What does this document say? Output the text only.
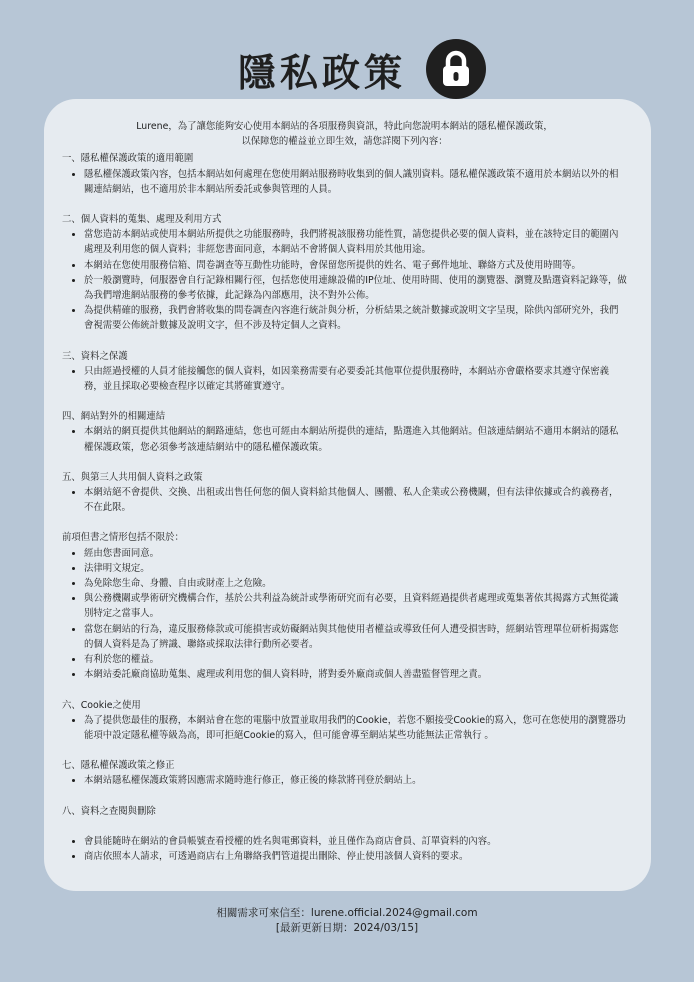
隱私政策

Lurene，為了讓您能夠安心使用本網站的各項服務與資訊，特此向您說明本網站的隱私權保護政策，

以保障您的權益並立即生效，請您詳閱下列內容：

一、隱私權保護政策的適用範圍

• 隱私權保護政策內容，包括本網站如何處理在您使用網站服務時收集到的個人識別資料。隱私權保護政策不適用於本網站以外的相關連結網站，也不適用於非本網站所委託或參與管理的人員。

二、個人資料的蒐集、處理及利用方式

• 當您造訪本網站或使用本網站所提供之功能服務時，我們將視該服務功能性質，請您提供必要的個人資料，並在該特定目的範圍內處理及利用您的個人資料；非經您書面同意，本網站不會將個人資料用於其他用途。
• 本網站在您使用服務信箱、問卷調查等互動性功能時，會保留您所提供的姓名、電子郵件地址、聯絡方式及使用時間等。
• 於一般瀏覽時，伺服器會自行記錄相關行徑，包括您使用連線設備的IP位址、使用時間、使用的瀏覽器、瀏覽及點選資料記錄等，做為我們增進網站服務的參考依據，此記錄為內部應用，決不對外公佈。
• 為提供精確的服務，我們會將收集的問卷調查內容進行統計與分析，分析結果之統計數據或說明文字呈現，除供內部研究外，我們會視需要公佈統計數據及說明文字，但不涉及特定個人之資料。

三、資料之保護

• 只由經過授權的人員才能接觸您的個人資料，如因業務需要有必要委託其他單位提供服務時，本網站亦會嚴格要求其遵守保密義務，並且採取必要檢查程序以確定其將確實遵守。

四、網站對外的相關連結

• 本網站的網頁提供其他網站的網路連結，您也可經由本網站所提供的連結，點選進入其他網站。但該連結網站不適用本網站的隱私權保護政策，您必須參考該連結網站中的隱私權保護政策。

五、與第三人共用個人資料之政策

• 本網站絕不會提供、交換、出租或出售任何您的個人資料給其他個人、團體、私人企業或公務機關，但有法律依據或合約義務者，不在此限。

前項但書之情形包括不限於：

• 經由您書面同意。
• 法律明文規定。
• 為免除您生命、身體、自由或財產上之危險。
• 與公務機關或學術研究機構合作，基於公共利益為統計或學術研究而有必要，且資料經過提供者處理或蒐集著依其揭露方式無從識別特定之當事人。
• 當您在網站的行為，違反服務條款或可能損害或妨礙網站與其他使用者權益或導致任何人遭受損害時，經網站管理單位研析揭露您的個人資料是為了辨識、聯絡或採取法律行動所必要者。
• 有利於您的權益。
• 本網站委託廠商協助蒐集、處理或利用您的個人資料時，將對委外廠商或個人善盡監督管理之責。

六、Cookie之使用

• 為了提供您最佳的服務，本網站會在您的電腦中放置並取用我們的Cookie，若您不願接受Cookie的寫入，您可在您使用的瀏覽器功能項中設定隱私權等級為高，即可拒絕Cookie的寫入，但可能會導至網站某些功能無法正常執行 。

七、隱私權保護政策之修正

• 本網站隱私權保護政策將因應需求隨時進行修正，修正後的條款將刊登於網站上。

八、資料之查閱與刪除

• 會員能隨時在網站的會員帳號查看授權的姓名與電郵資料，並且僅作為商店會員、訂單資料的內容。
• 商店依照本人請求，可透過商店右上角聯絡我們管道提出刪除、停止使用該個人資料的要求。

相關需求可來信至：lurene.official.2024@gmail.com

[最新更新日期：2024/03/15]
